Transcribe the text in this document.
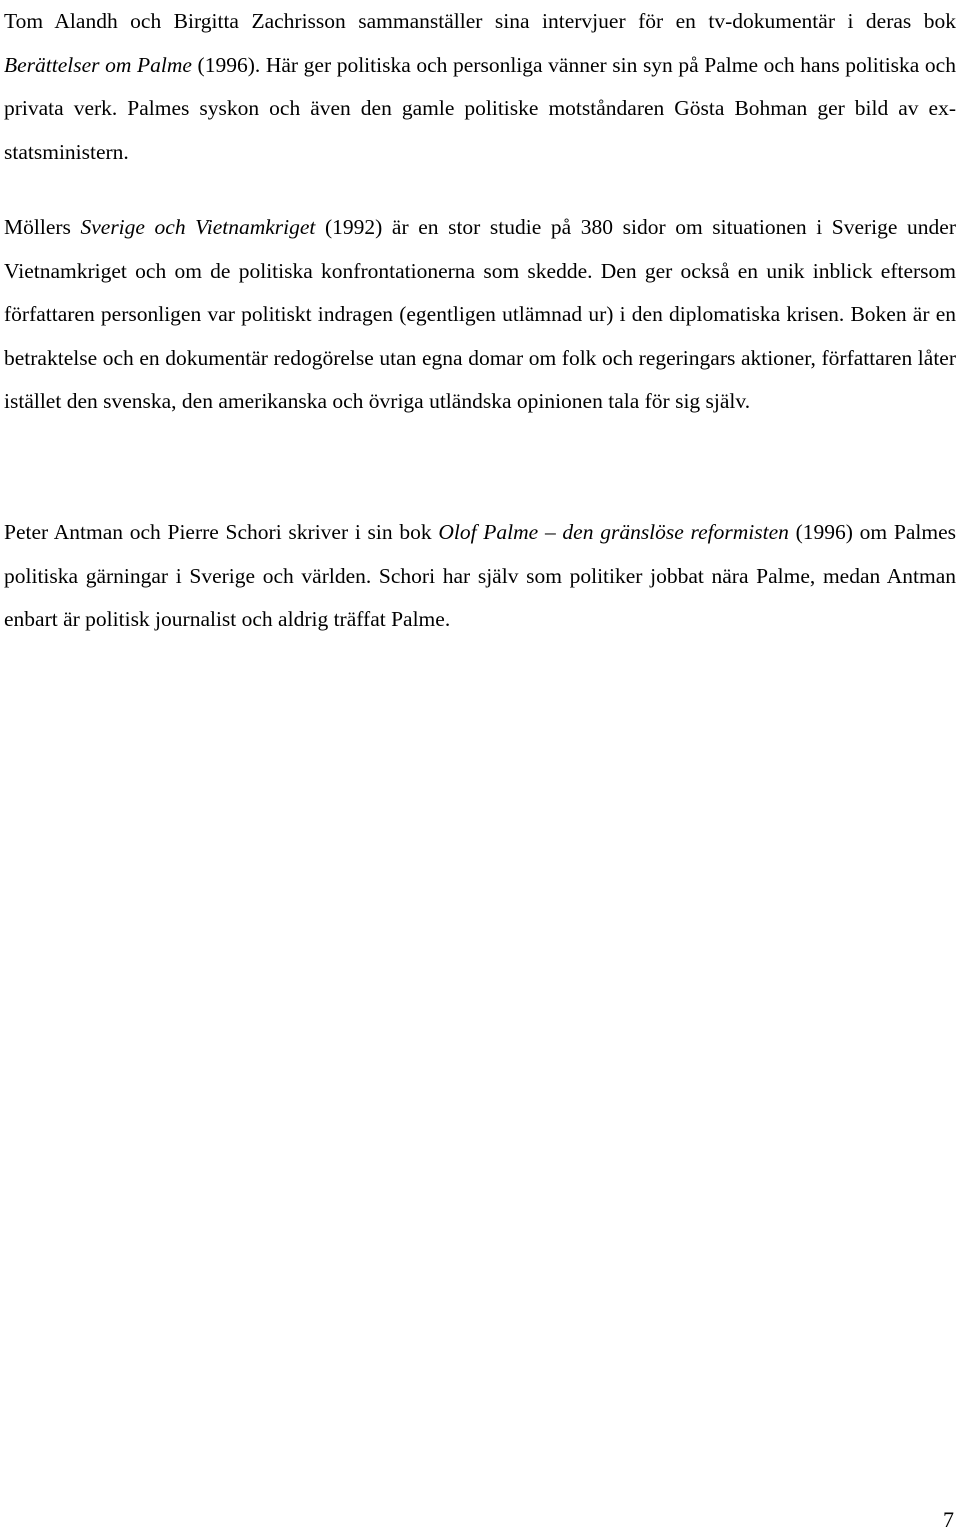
Tom Alandh och Birgitta Zachrisson sammanställer sina intervjuer för en tv-dokumentär i deras bok Berättelser om Palme (1996). Här ger politiska och personliga vänner sin syn på Palme och hans politiska och privata verk. Palmes syskon och även den gamle politiske motståndaren Gösta Bohman ger bild av ex-statsministern.

Möllers Sverige och Vietnamkriget (1992) är en stor studie på 380 sidor om situationen i Sverige under Vietnamkriget och om de politiska konfrontationerna som skedde. Den ger också en unik inblick eftersom författaren personligen var politiskt indragen (egentligen utlämnad ur) i den diplomatiska krisen. Boken är en betraktelse och en dokumentär redogörelse utan egna domar om folk och regeringars aktioner, författaren låter istället den svenska, den amerikanska och övriga utländska opinionen tala för sig själv.

Peter Antman och Pierre Schori skriver i sin bok Olof Palme – den gränslöse reformisten (1996) om Palmes politiska gärningar i Sverige och världen. Schori har själv som politiker jobbat nära Palme, medan Antman enbart är politisk journalist och aldrig träffat Palme.

7
